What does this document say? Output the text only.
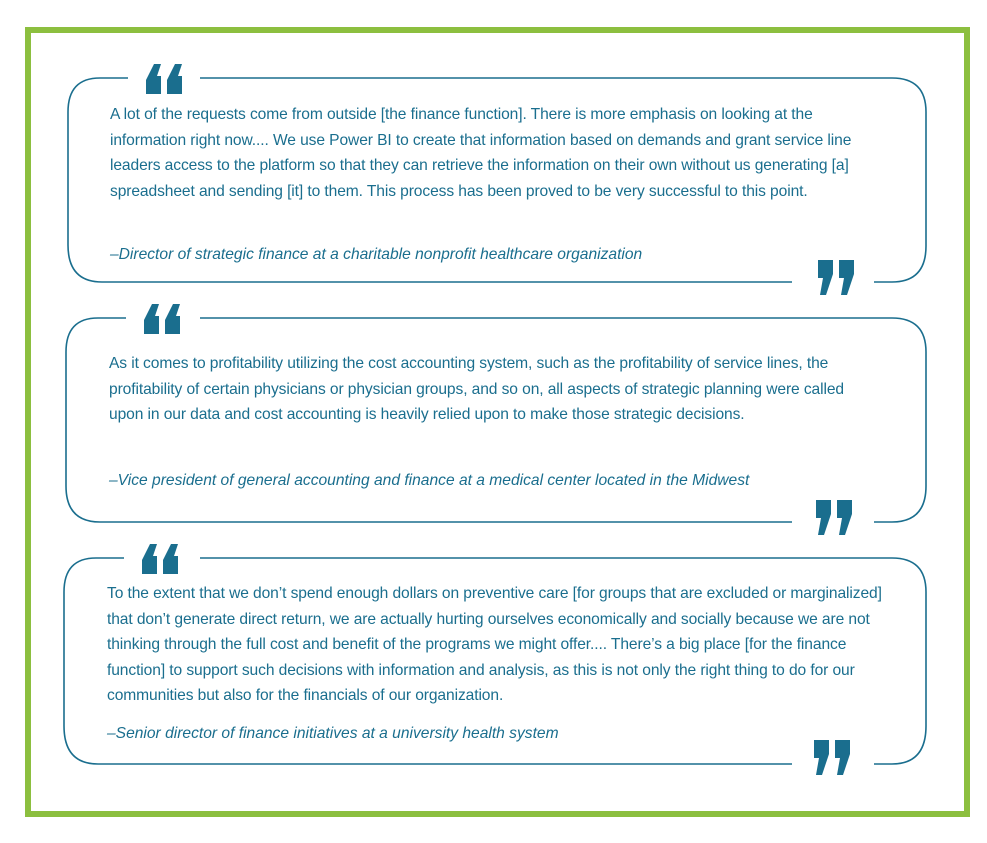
A lot of the requests come from outside [the finance function]. There is more emphasis on looking at the information right now.... We use Power BI to create that information based on demands and grant service line leaders access to the platform so that they can retrieve the information on their own without us generating [a] spreadsheet and sending [it] to them. This process has been proved to be very successful to this point.

–Director of strategic finance at a charitable nonprofit healthcare organization

As it comes to profitability utilizing the cost accounting system, such as the profitability of service lines, the profitability of certain physicians or physician groups, and so on, all aspects of strategic planning were called upon in our data and cost accounting is heavily relied upon to make those strategic decisions.

–Vice president of general accounting and finance at a medical center located in the Midwest

To the extent that we don’t spend enough dollars on preventive care [for groups that are excluded or marginalized] that don’t generate direct return, we are actually hurting ourselves economically and socially because we are not thinking through the full cost and benefit of the programs we might offer.... There’s a big place [for the finance function] to support such decisions with information and analysis, as this is not only the right thing to do for our communities but also for the financials of our organization.

–Senior director of finance initiatives at a university health system
